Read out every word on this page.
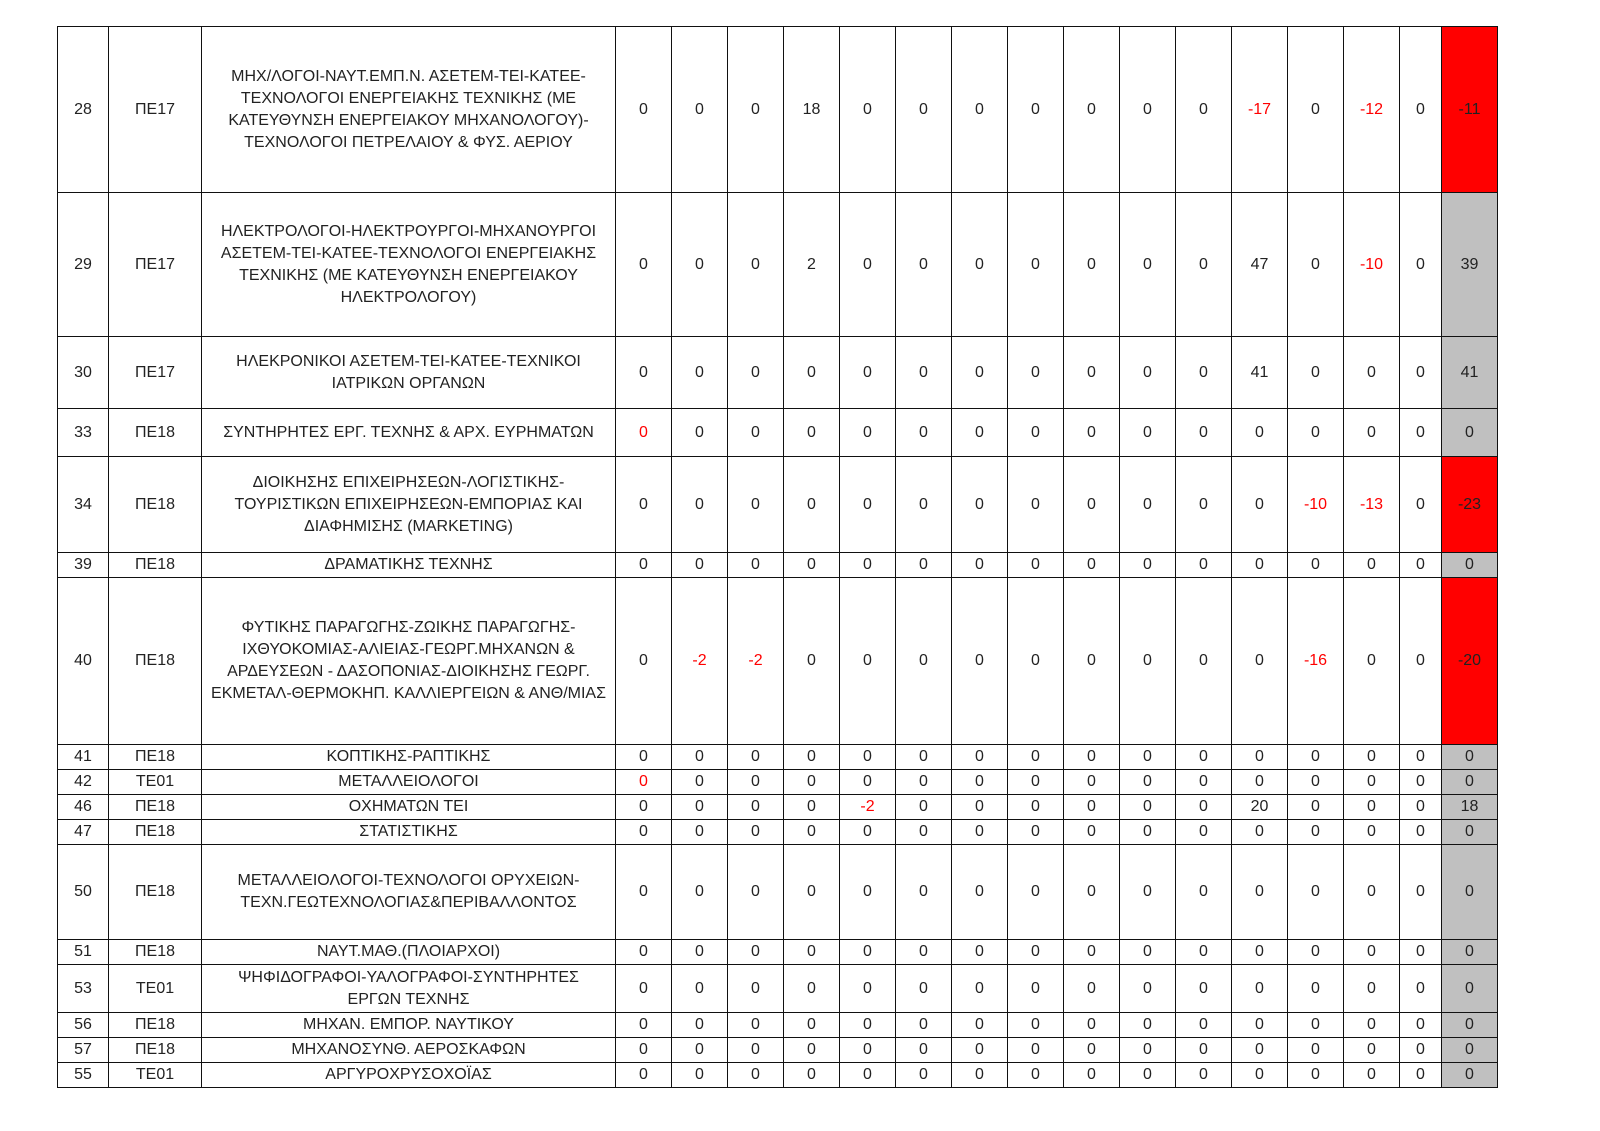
28	ΠΕ17	ΜΗΧ/ΛΟΓΟΙ-ΝΑΥΤ.ΕΜΠ.Ν. ΑΣΕΤΕΜ-ΤΕΙ-ΚΑΤΕΕ-ΤΕΧΝΟΛΟΓΟΙ ΕΝΕΡΓΕΙΑΚΗΣ ΤΕΧΝΙΚΗΣ (ΜΕ ΚΑΤΕΥΘΥΝΣΗ ΕΝΕΡΓΕΙΑΚΟΥ ΜΗΧΑΝΟΛΟΓΟΥ)-ΤΕΧΝΟΛΟΓΟΙ ΠΕΤΡΕΛΑΙΟΥ & ΦΥΣ. ΑΕΡΙΟΥ	0	0	0	18	0	0	0	0	0	0	0	-17	0	-12	0	-11
29	ΠΕ17	ΗΛΕΚΤΡΟΛΟΓΟΙ-ΗΛΕΚΤΡΟΥΡΓΟΙ-ΜΗΧΑΝΟΥΡΓΟΙ ΑΣΕΤΕΜ-ΤΕΙ-ΚΑΤΕΕ-ΤΕΧΝΟΛΟΓΟΙ ΕΝΕΡΓΕΙΑΚΗΣ ΤΕΧΝΙΚΗΣ (ΜΕ ΚΑΤΕΥΘΥΝΣΗ ΕΝΕΡΓΕΙΑΚΟΥ ΗΛΕΚΤΡΟΛΟΓΟΥ)	0	0	0	2	0	0	0	0	0	0	0	47	0	-10	0	39
30	ΠΕ17	ΗΛΕΚΡΟΝΙΚΟΙ ΑΣΕΤΕΜ-ΤΕΙ-ΚΑΤΕΕ-ΤΕΧΝΙΚΟΙ ΙΑΤΡΙΚΩΝ ΟΡΓΑΝΩΝ	0	0	0	0	0	0	0	0	0	0	0	41	0	0	0	41
33	ΠΕ18	ΣΥΝΤΗΡΗΤΕΣ ΕΡΓ. ΤΕΧΝΗΣ & ΑΡΧ. ΕΥΡΗΜΑΤΩΝ	0	0	0	0	0	0	0	0	0	0	0	0	0	0	0	0
34	ΠΕ18	ΔΙΟΙΚΗΣΗΣ ΕΠΙΧΕΙΡΗΣΕΩΝ-ΛΟΓΙΣΤΙΚΗΣ-ΤΟΥΡΙΣΤΙΚΩΝ ΕΠΙΧΕΙΡΗΣΕΩΝ-ΕΜΠΟΡΙΑΣ ΚΑΙ ΔΙΑΦΗΜΙΣΗΣ (MARKETING)	0	0	0	0	0	0	0	0	0	0	0	0	-10	-13	0	-23
39	ΠΕ18	ΔΡΑΜΑΤΙΚΗΣ ΤΕΧΝΗΣ	0	0	0	0	0	0	0	0	0	0	0	0	0	0	0	0
40	ΠΕ18	ΦΥΤΙΚΗΣ ΠΑΡΑΓΩΓΗΣ-ΖΩΙΚΗΣ ΠΑΡΑΓΩΓΗΣ-ΙΧΘΥΟΚΟΜΙΑΣ-ΑΛΙΕΙΑΣ-ΓΕΩΡΓ.ΜΗΧΑΝΩΝ & ΑΡΔΕΥΣΕΩΝ - ΔΑΣΟΠΟΝΙΑΣ-ΔΙΟΙΚΗΣΗΣ ΓΕΩΡΓ. ΕΚΜΕΤΑΛ-ΘΕΡΜΟΚΗΠ. ΚΑΛΛΙΕΡΓΕΙΩΝ & ΑΝΘ/ΜΙΑΣ	0	-2	-2	0	0	0	0	0	0	0	0	0	-16	0	0	-20
41	ΠΕ18	ΚΟΠΤΙΚΗΣ-ΡΑΠΤΙΚΗΣ	0	0	0	0	0	0	0	0	0	0	0	0	0	0	0	0
42	ΤΕ01	ΜΕΤΑΛΛΕΙΟΛΟΓΟΙ	0	0	0	0	0	0	0	0	0	0	0	0	0	0	0	0
46	ΠΕ18	ΟΧΗΜΑΤΩΝ ΤΕΙ	0	0	0	0	-2	0	0	0	0	0	0	20	0	0	0	18
47	ΠΕ18	ΣΤΑΤΙΣΤΙΚΗΣ	0	0	0	0	0	0	0	0	0	0	0	0	0	0	0	0
50	ΠΕ18	ΜΕΤΑΛΛΕΙΟΛΟΓΟΙ-ΤΕΧΝΟΛΟΓΟΙ ΟΡΥΧΕΙΩΝ-ΤΕΧΝ.ΓΕΩΤΕΧΝΟΛΟΓΙΑΣ&ΠΕΡΙΒΑΛΛΟΝΤΟΣ	0	0	0	0	0	0	0	0	0	0	0	0	0	0	0	0
51	ΠΕ18	ΝΑΥΤ.ΜΑΘ.(ΠΛΟΙΑΡΧΟΙ)	0	0	0	0	0	0	0	0	0	0	0	0	0	0	0	0
53	ΤΕ01	ΨΗΦΙΔΟΓΡΑΦΟΙ-ΥΑΛΟΓΡΑΦΟΙ-ΣΥΝΤΗΡΗΤΕΣ ΕΡΓΩΝ ΤΕΧΝΗΣ	0	0	0	0	0	0	0	0	0	0	0	0	0	0	0	0
56	ΠΕ18	ΜΗΧΑΝ. ΕΜΠΟΡ. ΝΑΥΤΙΚΟΥ	0	0	0	0	0	0	0	0	0	0	0	0	0	0	0	0
57	ΠΕ18	ΜΗΧΑΝΟΣΥΝΘ. ΑΕΡΟΣΚΑΦΩΝ	0	0	0	0	0	0	0	0	0	0	0	0	0	0	0	0
55	ΤΕ01	ΑΡΓΥΡΟΧΡΥΣΟΧΟΪΑΣ	0	0	0	0	0	0	0	0	0	0	0	0	0	0	0	0
